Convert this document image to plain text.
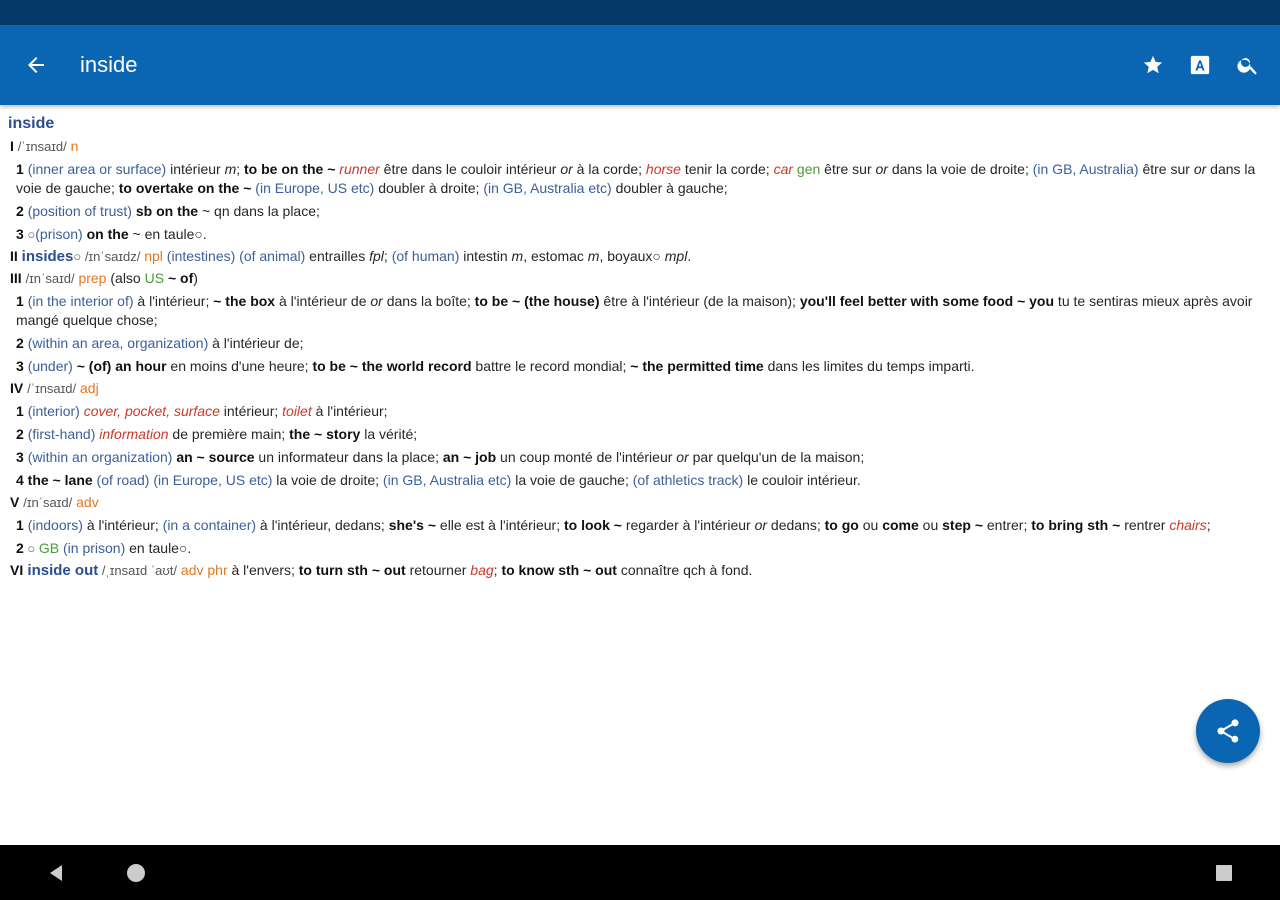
inside
inside
I /ˈɪnsaɪd/ n
1 (inner area or surface) intérieur m; to be on the ~ runner être dans le couloir intérieur or à la corde; horse tenir la corde; car gen être sur or dans la voie de droite; (in GB, Australia) être sur or dans la voie de gauche; to overtake on the ~ (in Europe, US etc) doubler à droite; (in GB, Australia etc) doubler à gauche;
2 (position of trust) sb on the ~ qn dans la place;
3 ○(prison) on the ~ en taule○.
II insides○ /ɪnˈsaɪdz/ npl (intestines) (of animal) entrailles fpl; (of human) intestin m, estomac m, boyaux○ mpl.
III /ɪnˈsaɪd/ prep (also US ~ of)
1 (in the interior of) à l'intérieur; ~ the box à l'intérieur de or dans la boîte; to be ~ (the house) être à l'intérieur (de la maison); you'll feel better with some food ~ you tu te sentiras mieux après avoir mangé quelque chose;
2 (within an area, organization) à l'intérieur de;
3 (under) ~ (of) an hour en moins d'une heure; to be ~ the world record battre le record mondial; ~ the permitted time dans les limites du temps imparti.
IV /ˈɪnsaɪd/ adj
1 (interior) cover, pocket, surface intérieur; toilet à l'intérieur;
2 (first-hand) information de première main; the ~ story la vérité;
3 (within an organization) an ~ source un informateur dans la place; an ~ job un coup monté de l'intérieur or par quelqu'un de la maison;
4 the ~ lane (of road) (in Europe, US etc) la voie de droite; (in GB, Australia etc) la voie de gauche; (of athletics track) le couloir intérieur.
V /ɪnˈsaɪd/ adv
1 (indoors) à l'intérieur; (in a container) à l'intérieur, dedans; she's ~ elle est à l'intérieur; to look ~ regarder à l'intérieur or dedans; to go ou come ou step ~ entrer; to bring sth ~ rentrer chairs;
2 ○ GB (in prison) en taule○.
VI inside out /ˌɪnsaɪd ˈaʊt/ adv phr à l'envers; to turn sth ~ out retourner bag; to know sth ~ out connaître qch à fond.
